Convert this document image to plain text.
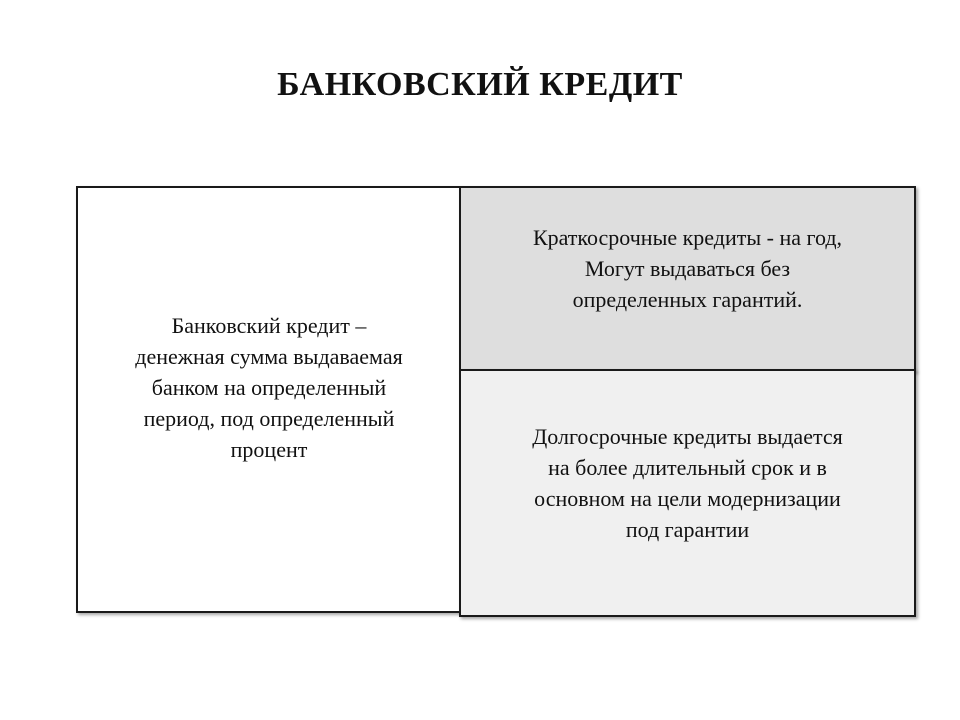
БАНКОВСКИЙ КРЕДИТ

Банковский кредит –
денежная сумма выдаваемая
банком на определенный
период, под определенный
процент

Краткосрочные кредиты - на год,
Могут выдаваться без
определенных гарантий.

Долгосрочные кредиты выдается
на более длительный срок и в
основном на цели модернизации
под гарантии
